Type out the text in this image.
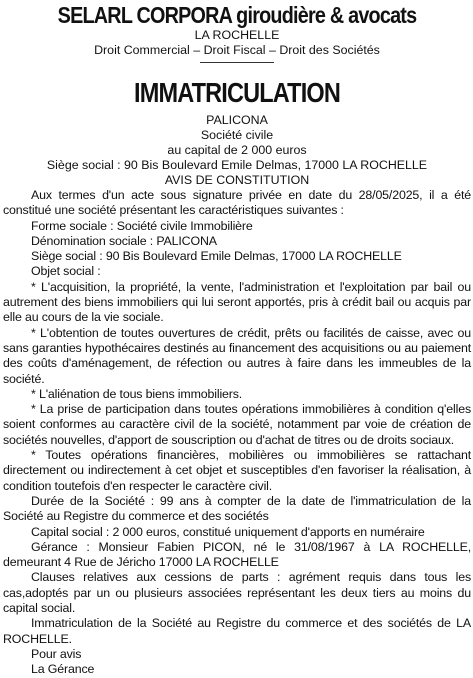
SELARL CORPORA giroudière & avocats
LA ROCHELLE
Droit Commercial – Droit Fiscal – Droit des Sociétés
IMMATRICULATION
PALICONA
Société civile
au capital de 2 000 euros
Siège social : 90 Bis Boulevard Emile Delmas, 17000 LA ROCHELLE
AVIS DE CONSTITUTION

Aux termes d'un acte sous signature privée en date du 28/05/2025, il a été constitué une société présentant les caractéristiques suivantes :

Forme sociale : Société civile Immobilière

Dénomination sociale : PALICONA

Siège social : 90 Bis Boulevard Emile Delmas, 17000 LA ROCHELLE

Objet social :

* L'acquisition, la propriété, la vente, l'administration et l'exploitation par bail ou autrement des biens immobiliers qui lui seront apportés, pris à crédit bail ou acquis par elle au cours de la vie sociale.

* L'obtention de toutes ouvertures de crédit, prêts ou facilités de caisse, avec ou sans garanties hypothécaires destinés au financement des acquisitions ou au paiement des coûts d'aménagement, de réfection ou autres à faire dans les immeubles de la société.

* L'aliénation de tous biens immobiliers.

* La prise de participation dans toutes opérations immobilières à condition q'elles soient conformes au caractère civil de la société, notamment par voie de création de sociétés nouvelles, d'apport de souscription ou d'achat de titres ou de droits sociaux.

* Toutes opérations financières, mobilières ou immobilières se rattachant directement ou indirectement à cet objet et susceptibles d'en favoriser la réalisation, à condition toutefois d'en respecter le caractère civil.

Durée de la Société : 99 ans à compter de la date de l'immatriculation de la Société au Registre du commerce et des sociétés

Capital social : 2 000 euros, constitué uniquement d'apports en numéraire

Gérance : Monsieur Fabien PICON, né le 31/08/1967 à LA ROCHELLE, demeurant 4 Rue de Jéricho 17000 LA ROCHELLE

Clauses relatives aux cessions de parts : agrément requis dans tous les cas,adoptés par un ou plusieurs associées représentant les deux tiers au moins du capital social.

Immatriculation de la Société au Registre du commerce et des sociétés de LA ROCHELLE.

Pour avis

La Gérance
